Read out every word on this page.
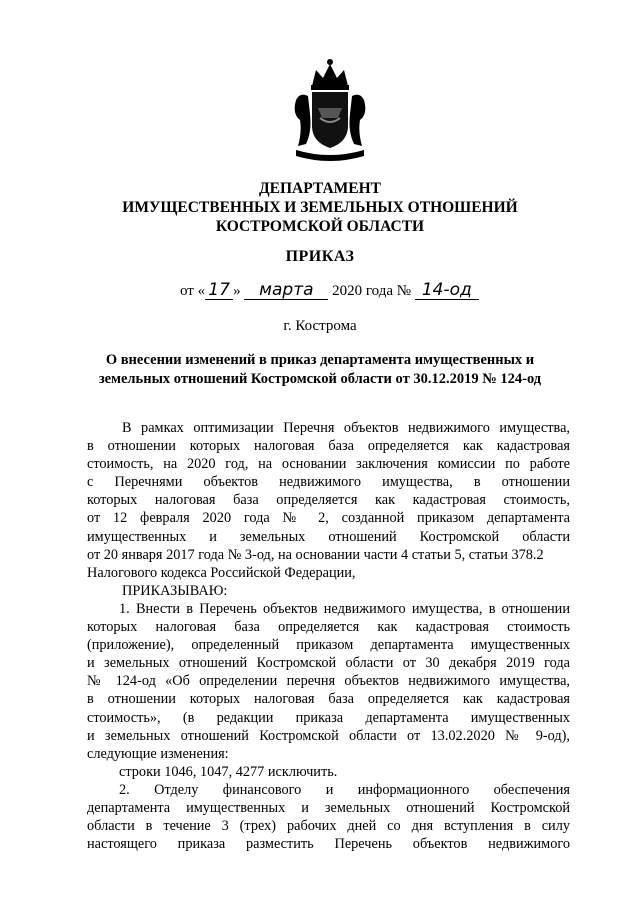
ДЕПАРТАМЕНТ
ИМУЩЕСТВЕННЫХ И ЗЕМЕЛЬНЫХ ОТНОШЕНИЙ
КОСТРОМСКОЙ ОБЛАСТИ
ПРИКАЗ
от « 17 » марта 2020 года № 14-од
г. Кострома
О внесении изменений в приказ департамента имущественных и
земельных отношений Костромской области от 30.12.2019 № 124-од
В рамках оптимизации Перечня объектов недвижимого имущества,
в отношении которых налоговая база определяется как кадастровая
стоимость, на 2020 год, на основании заключения комиссии по работе
с Перечнями объектов недвижимого имущества, в отношении
которых налоговая база определяется как кадастровая стоимость,
от 12 февраля 2020 года № 2, созданной приказом департамента
имущественных и земельных отношений Костромской области
от 20 января 2017 года № 3-од, на основании части 4 статьи 5, статьи 378.2
Налогового кодекса Российской Федерации,
ПРИКАЗЫВАЮ:
1. Внести в Перечень объектов недвижимого имущества, в отношении
которых налоговая база определяется как кадастровая стоимость
(приложение), определенный приказом департамента имущественных
и земельных отношений Костромской области от 30 декабря 2019 года
№ 124-од «Об определении перечня объектов недвижимого имущества,
в отношении которых налоговая база определяется как кадастровая
стоимость», (в редакции приказа департамента имущественных
и земельных отношений Костромской области от 13.02.2020 № 9-од),
следующие изменения:
строки 1046, 1047, 4277 исключить.
2. Отделу финансового и информационного обеспечения
департамента имущественных и земельных отношений Костромской
области в течение 3 (трех) рабочих дней со дня вступления в силу
настоящего приказа разместить Перечень объектов недвижимого
